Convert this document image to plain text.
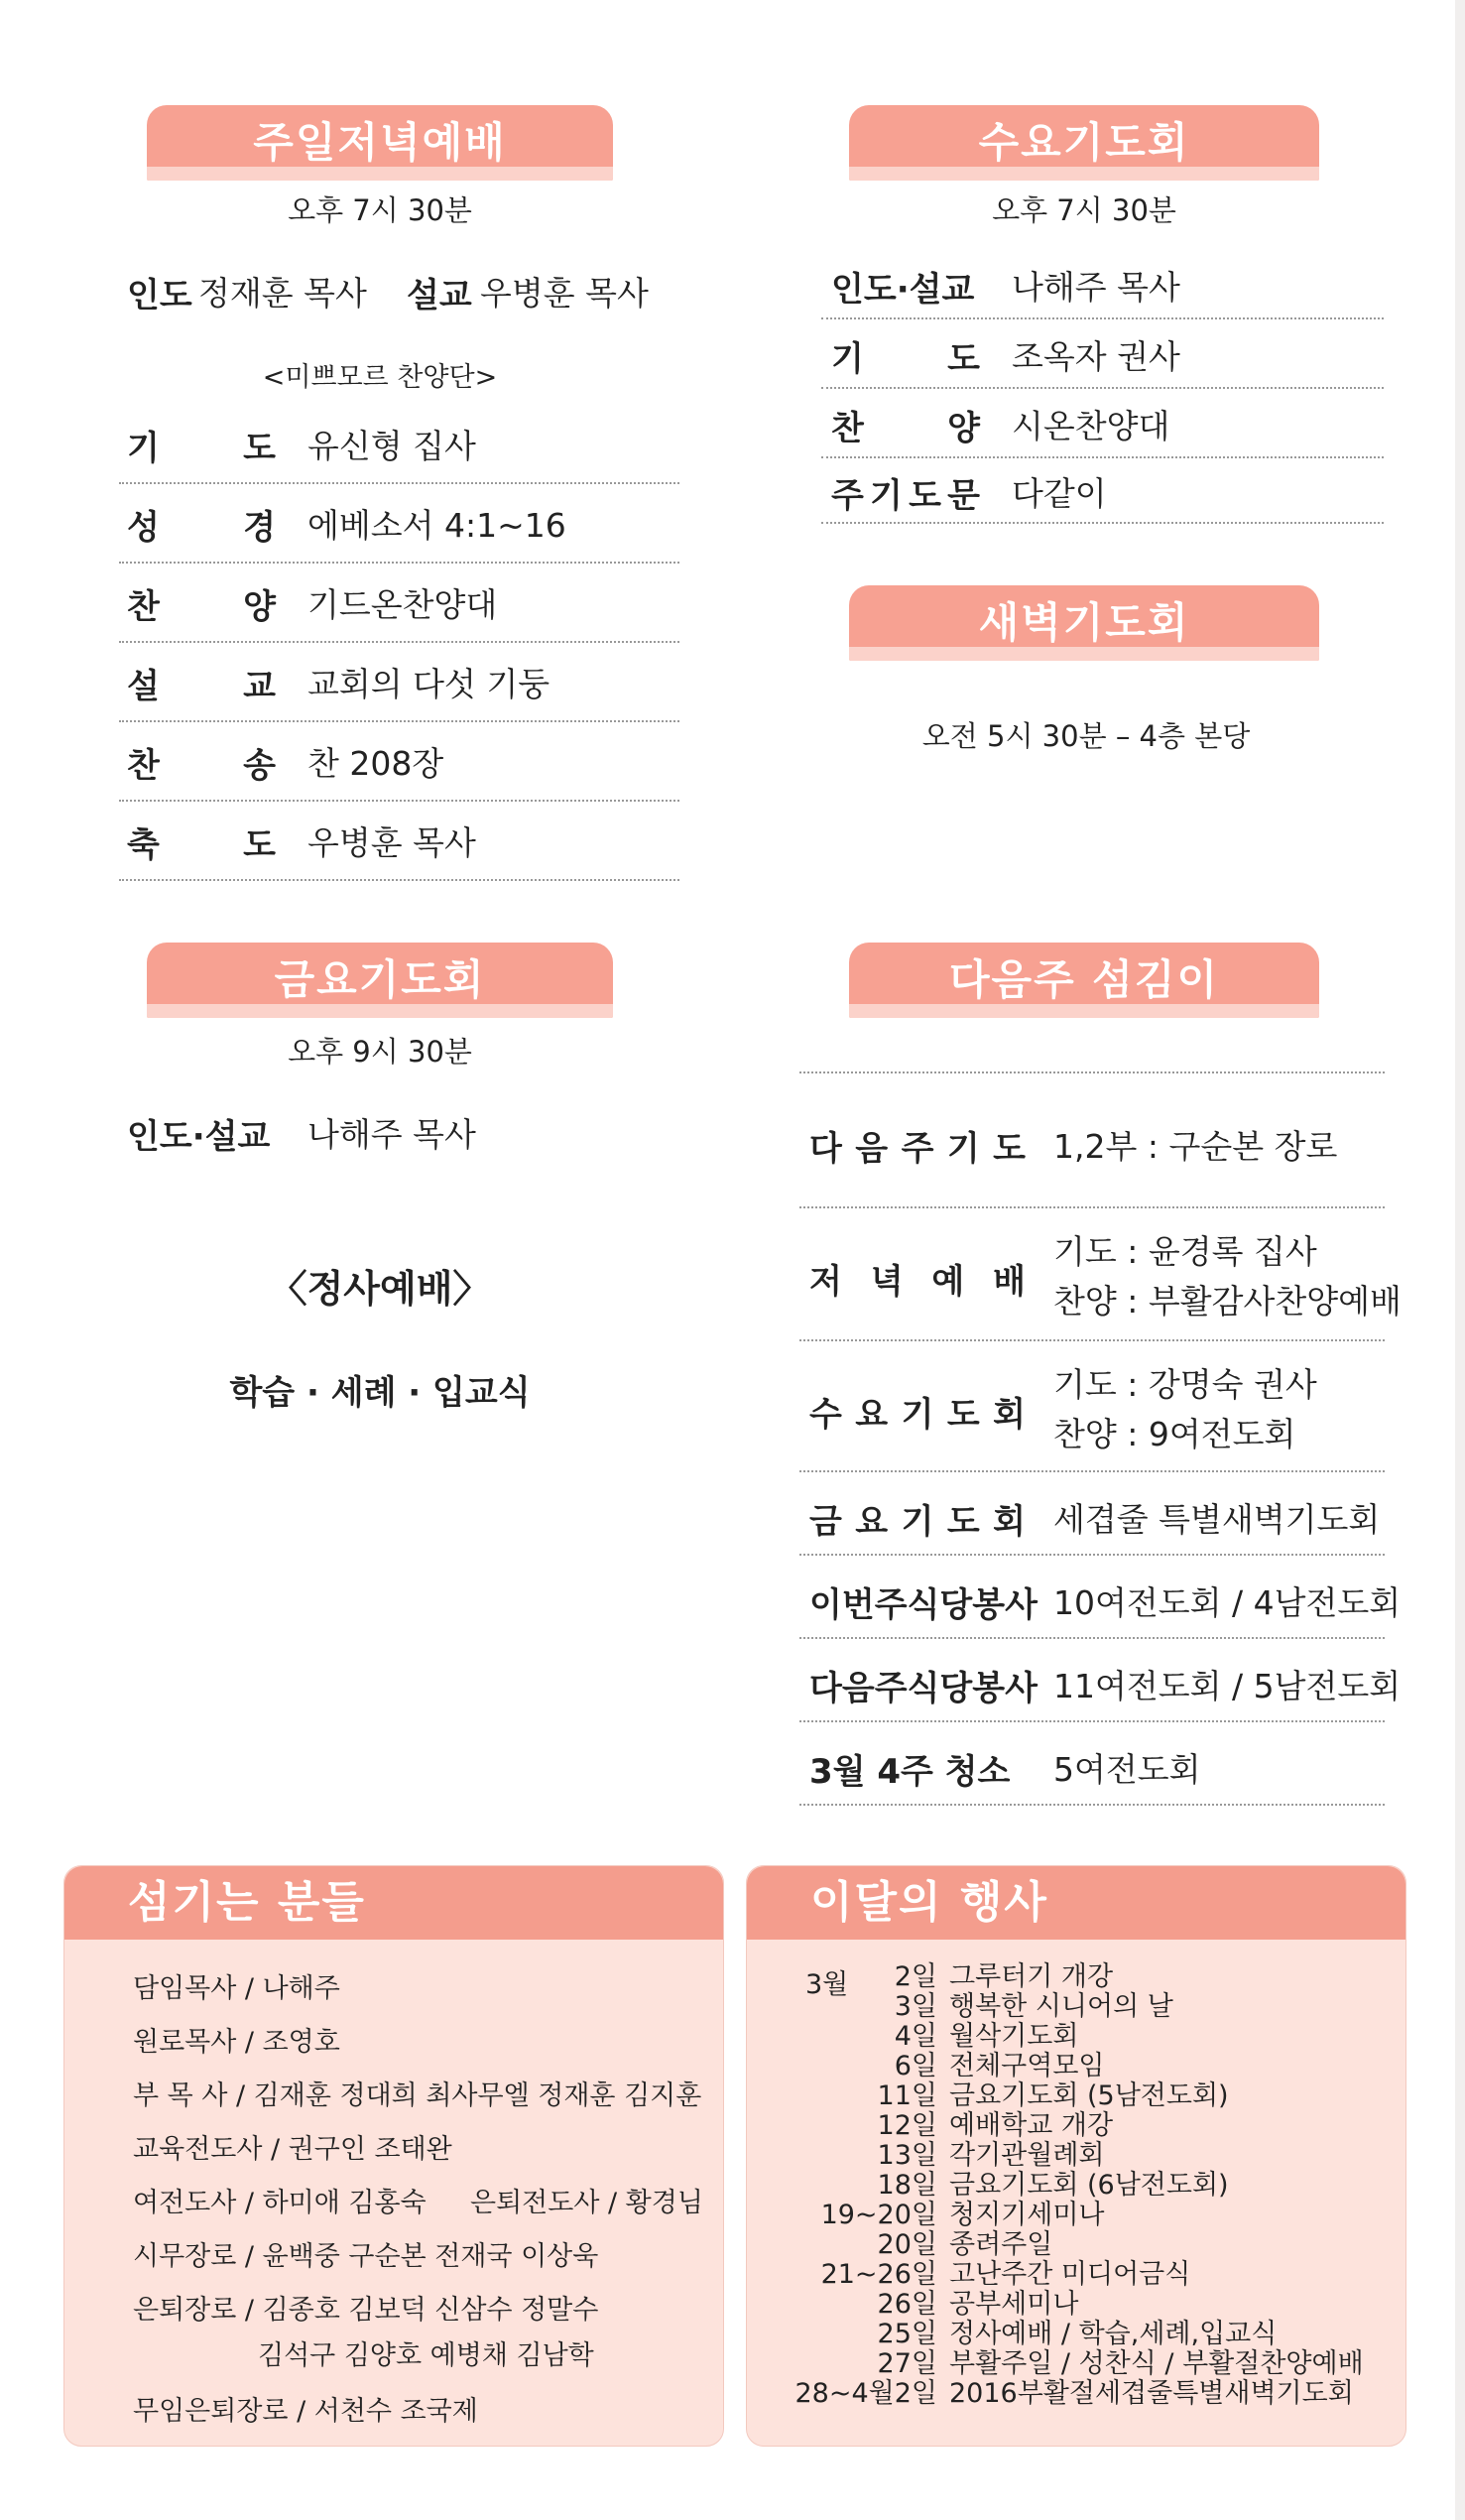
주일저녁예배
오후 7시 30분
인도 정재훈 목사 설교 우병훈 목사
<미쁘모르 찬양단>
기 도 유신형 집사
성 경 에베소서 4:1~16
찬 양 기드온찬양대
설 교 교회의 다섯 기둥
찬 송 찬 208장
축 도 우병훈 목사
수요기도회
오후 7시 30분
인도·설교 나해주 목사
기 도 조옥자 권사
찬 양 시온찬양대
주 기 도 문 다같이
새벽기도회
오전 5시 30분 – 4층 본당
금요기도회
오후 9시 30분
인도·설교 나해주 목사
〈정사예배〉
학습 · 세례 · 입교식
다음주 섬김이
다 음 주 기 도 1,2부 : 구순본 장로
저 녁 예 배
기도 : 윤경록 집사
찬양 : 부활감사찬양예배
수 요 기 도 회
기도 : 강명숙 권사
찬양 : 9여전도회
금 요 기 도 회 세겹줄 특별새벽기도회
이번주식당봉사 10여전도회 / 4남전도회
다음주식당봉사 11여전도회 / 5남전도회
3월 4주 청소 5여전도회
섬기는 분들
담임목사 / 나해주
원로목사 / 조영호
부 목 사 / 김재훈 정대희 최사무엘 정재훈 김지훈
교육전도사 / 권구인 조태완
여전도사 / 하미애 김홍숙 은퇴전도사 / 황경님
시무장로 / 윤백중 구순본 전재국 이상욱
은퇴장로 / 김종호 김보덕 신삼수 정말수
김석구 김양호 예병채 김남학
무임은퇴장로 / 서천수 조국제
이달의 행사
3월	2일 그루터기 개강
3일 행복한 시니어의 날
4일 월삭기도회
6일 전체구역모임
11일 금요기도회 (5남전도회)
12일 예배학교 개강
13일 각기관월례회
18일 금요기도회 (6남전도회)
19~20일 청지기세미나
20일 종려주일
21~26일 고난주간 미디어금식
26일 공부세미나
25일 정사예배 / 학습,세례,입교식
27일 부활주일 / 성찬식 / 부활절찬양예배
28~4월2일 2016부활절세겹줄특별새벽기도회
